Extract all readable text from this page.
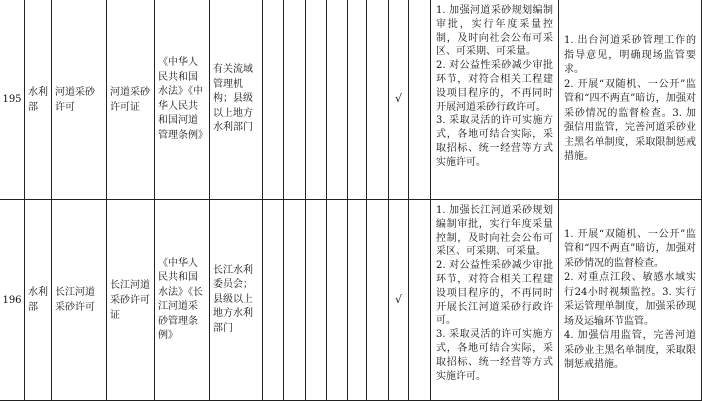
195	水利部	河道采砂许可	河道采砂许可证	《中华人民共和国水法》《中华人民共和国河道管理条例》	有关流域管理机构；县级以上地方水利部门							√		1. 加强河道采砂规划编制审批，实行年度采量控制，及时向社会公布可采区、可采期、可采量。
2. 对公益性采砂减少审批环节，对符合相关工程建设项目程序的，不再同时开展河道采砂行政许可。
3. 采取灵活的许可实施方式，各地可结合实际，采取招标、统一经营等方式实施许可。	1. 出台河道采砂管理工作的指导意见，明确现场监管要求。
2. 开展“双随机、一公开”监管和“四不两直”暗访，加强对采砂情况的监督检查。3. 加强信用监管，完善河道采砂业主黑名单制度，采取限制惩戒措施。
196	水利部	长江河道采砂许可	长江河道采砂许可证	《中华人民共和国水法》《长江河道采砂管理条例》	长江水利委员会；县级以上地方水利部门							√		1. 加强长江河道采砂规划编制审批，实行年度采量控制，及时向社会公布可采区、可采期、可采量。
2. 对公益性采砂减少审批环节，对符合相关工程建设项目程序的，不再同时开展长江河道采砂行政许可。
3. 采取灵活的许可实施方式，各地可结合实际，采取招标、统一经营等方式实施许可。	1. 开展“双随机、一公开”监管和“四不两直”暗访，加强对采砂情况的监督检查。
2. 对重点江段、敏感水域实行24小时视频监控。3. 实行采运管理单制度，加强采砂现场及运输环节监管。
4. 加强信用监管，完善河道采砂业主黑名单制度，采取限制惩戒措施。
